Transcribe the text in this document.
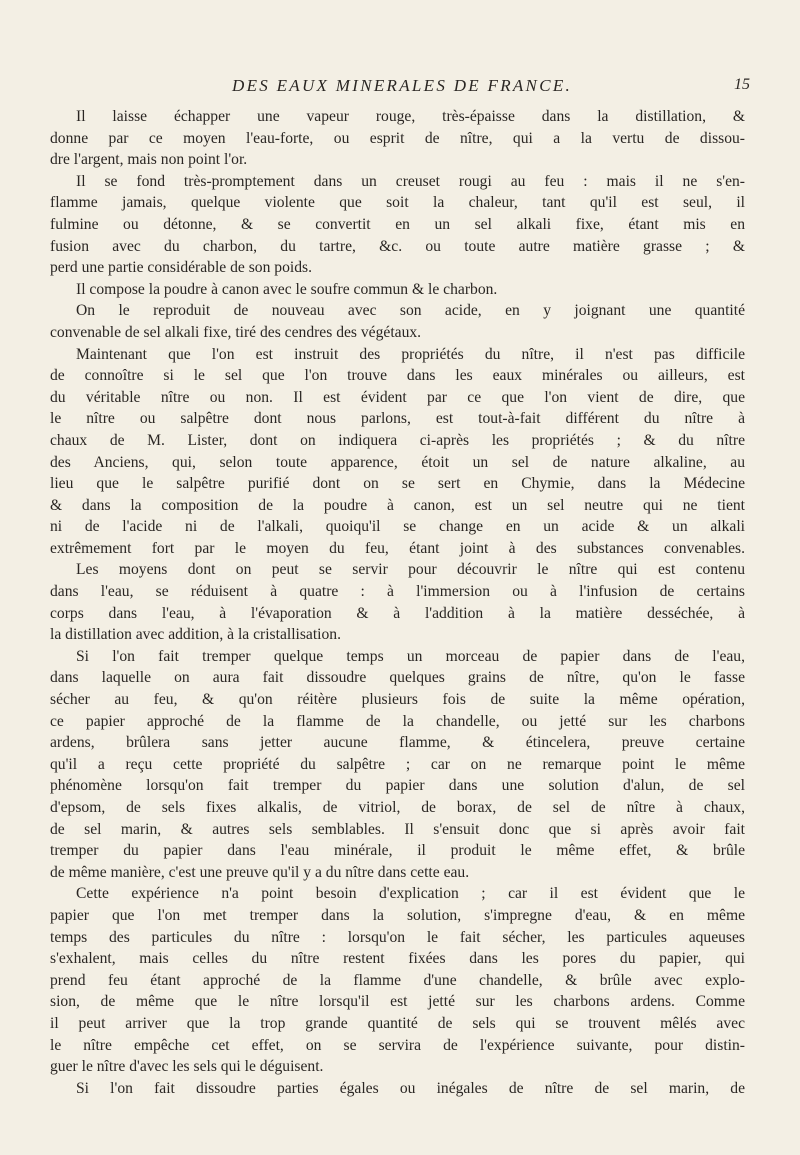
DES EAUX MINERALES DE FRANCE.	15
Il laisse échapper une vapeur rouge, très-épaisse dans la distillation, &
donne par ce moyen l'eau-forte, ou esprit de nître, qui a la vertu de dissou-
dre l'argent, mais non point l'or.
Il se fond très-promptement dans un creuset rougi au feu : mais il ne s'en-
flamme jamais, quelque violente que soit la chaleur, tant qu'il est seul, il
fulmine ou détonne, & se convertit en un sel alkali fixe, étant mis en
fusion avec du charbon, du tartre, &c. ou toute autre matière grasse ; &
perd une partie considérable de son poids.
Il compose la poudre à canon avec le soufre commun & le charbon.
On le reproduit de nouveau avec son acide, en y joignant une quantité
convenable de sel alkali fixe, tiré des cendres des végétaux.
Maintenant que l'on est instruit des propriétés du nître, il n'est pas difficile
de connoître si le sel que l'on trouve dans les eaux minérales ou ailleurs, est
du véritable nître ou non. Il est évident par ce que l'on vient de dire, que
le nître ou salpêtre dont nous parlons, est tout-à-fait différent du nître à
chaux de M. Lister, dont on indiquera ci-après les propriétés ; & du nître
des Anciens, qui, selon toute apparence, étoit un sel de nature alkaline, au
lieu que le salpêtre purifié dont on se sert en Chymie, dans la Médecine
& dans la composition de la poudre à canon, est un sel neutre qui ne tient
ni de l'acide ni de l'alkali, quoiqu'il se change en un acide & un alkali
extrêmement fort par le moyen du feu, étant joint à des substances convenables.
Les moyens dont on peut se servir pour découvrir le nître qui est contenu
dans l'eau, se réduisent à quatre : à l'immersion ou à l'infusion de certains
corps dans l'eau, à l'évaporation & à l'addition à la matière desséchée, à
la distillation avec addition, à la cristallisation.
Si l'on fait tremper quelque temps un morceau de papier dans de l'eau,
dans laquelle on aura fait dissoudre quelques grains de nître, qu'on le fasse
sécher au feu, & qu'on réitère plusieurs fois de suite la même opération,
ce papier approché de la flamme de la chandelle, ou jetté sur les charbons
ardens, brûlera sans jetter aucune flamme, & étincelera, preuve certaine
qu'il a reçu cette propriété du salpêtre ; car on ne remarque point le même
phénomène lorsqu'on fait tremper du papier dans une solution d'alun, de sel
d'epsom, de sels fixes alkalis, de vitriol, de borax, de sel de nître à chaux,
de sel marin, & autres sels semblables. Il s'ensuit donc que si après avoir fait
tremper du papier dans l'eau minérale, il produit le même effet, & brûle
de même manière, c'est une preuve qu'il y a du nître dans cette eau.
Cette expérience n'a point besoin d'explication ; car il est évident que le
papier que l'on met tremper dans la solution, s'impregne d'eau, & en même
temps des particules du nître : lorsqu'on le fait sécher, les particules aqueuses
s'exhalent, mais celles du nître restent fixées dans les pores du papier, qui
prend feu étant approché de la flamme d'une chandelle, & brûle avec explo-
sion, de même que le nître lorsqu'il est jetté sur les charbons ardens. Comme
il peut arriver que la trop grande quantité de sels qui se trouvent mêlés avec
le nître empêche cet effet, on se servira de l'expérience suivante, pour distin-
guer le nître d'avec les sels qui le déguisent.
Si l'on fait dissoudre parties égales ou inégales de nître de sel marin, de
